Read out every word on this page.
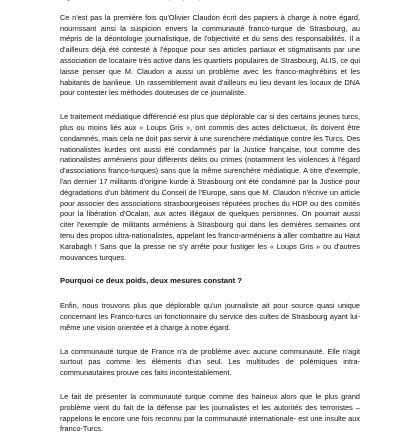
Ce n'est pas la première fois qu'Olivier Claudon écrit des papiers à charge à notre égard, nourrissant ainsi la suspicion envers la communauté franco-turque de Strasbourg, au mépris de la déontologie journalistique, de l'objectivité et du sens des responsabilités. Il a d'ailleurs déjà été contesté à l'époque pour ses articles partiaux et stigmatisants par une association de locataire très active dans les quartiers populaires de Strasbourg, ALIS, ce qui laisse penser que M. Claudon a aussi un problème avec les franco-maghrébins et les habitants de banlieue. Un rassemblement avait d'ailleurs eu lieu devant les locaux de DNA pour contester les méthodes douteuses de ce journaliste.

Le traitement médiatique différencié est plus que déplorable car si des certains jeunes turcs, plus ou moins liés aux « Loups Gris », ont commis des actes délictueux, ils doivent être condamnés, mais cela ne doit pas servir à une surenchère médiatique contre les Turcs. Des nationalistes kurdes ont aussi été condamnés par la Justice française, tout comme des nationalistes arméniens pour différents délits ou crimes (notamment les violences à l'égard d'associations franco-turques) sans que la même surenchère médiatique. A titre d'exemple, l'an dernier 17 militants d'origine kurde à Strasbourg ont été condamné par la Justice pour dégradations d'un bâtiment du Conseil de l'Europe, sans que M. Claudon n'écrive un article pour associer des associations strasbourgeoises réputées proches du HDP ou des comités pour la libération d'Ocalan, aux actes illégaux de quelques personnes. On pourrait aussi citer l'exemple de militants arméniens à Strasbourg qui dans les dernières semaines ont tenu des propos ultra-nationalistes, appelant les franco-arméniens à aller combattre au Haut Karabagh ! Sans que la presse ne s'y arrête pour fustiger les « Loups Gris » ou d'autres mouvances turques.

Pourquoi ce deux poids, deux mesures constant ?

Enfin, nous trouvons plus que déplorable qu'un journaliste ait pour source quasi unique concernant les Franco-turcs un fonctionnaire du service des cultes de Strasbourg ayant lui-même une vision orientée et à charge à notre égard.

La communauté turque de France n'a de problème avec aucune communauté. Elle n'agit surtout pas comme les éléments d'un seul. Les multitudes de polémiques intra-communautaires prouve ces faits incontestablement.

Le fait de présenter la communauté turque comme des haineux alors que le plus grand problème vient du fait de la défense par les journalistes et les autorités des terroristes – rappelons le encore une fois reconnu par la communauté internationale- est une insulte aux franco-Turcs.
